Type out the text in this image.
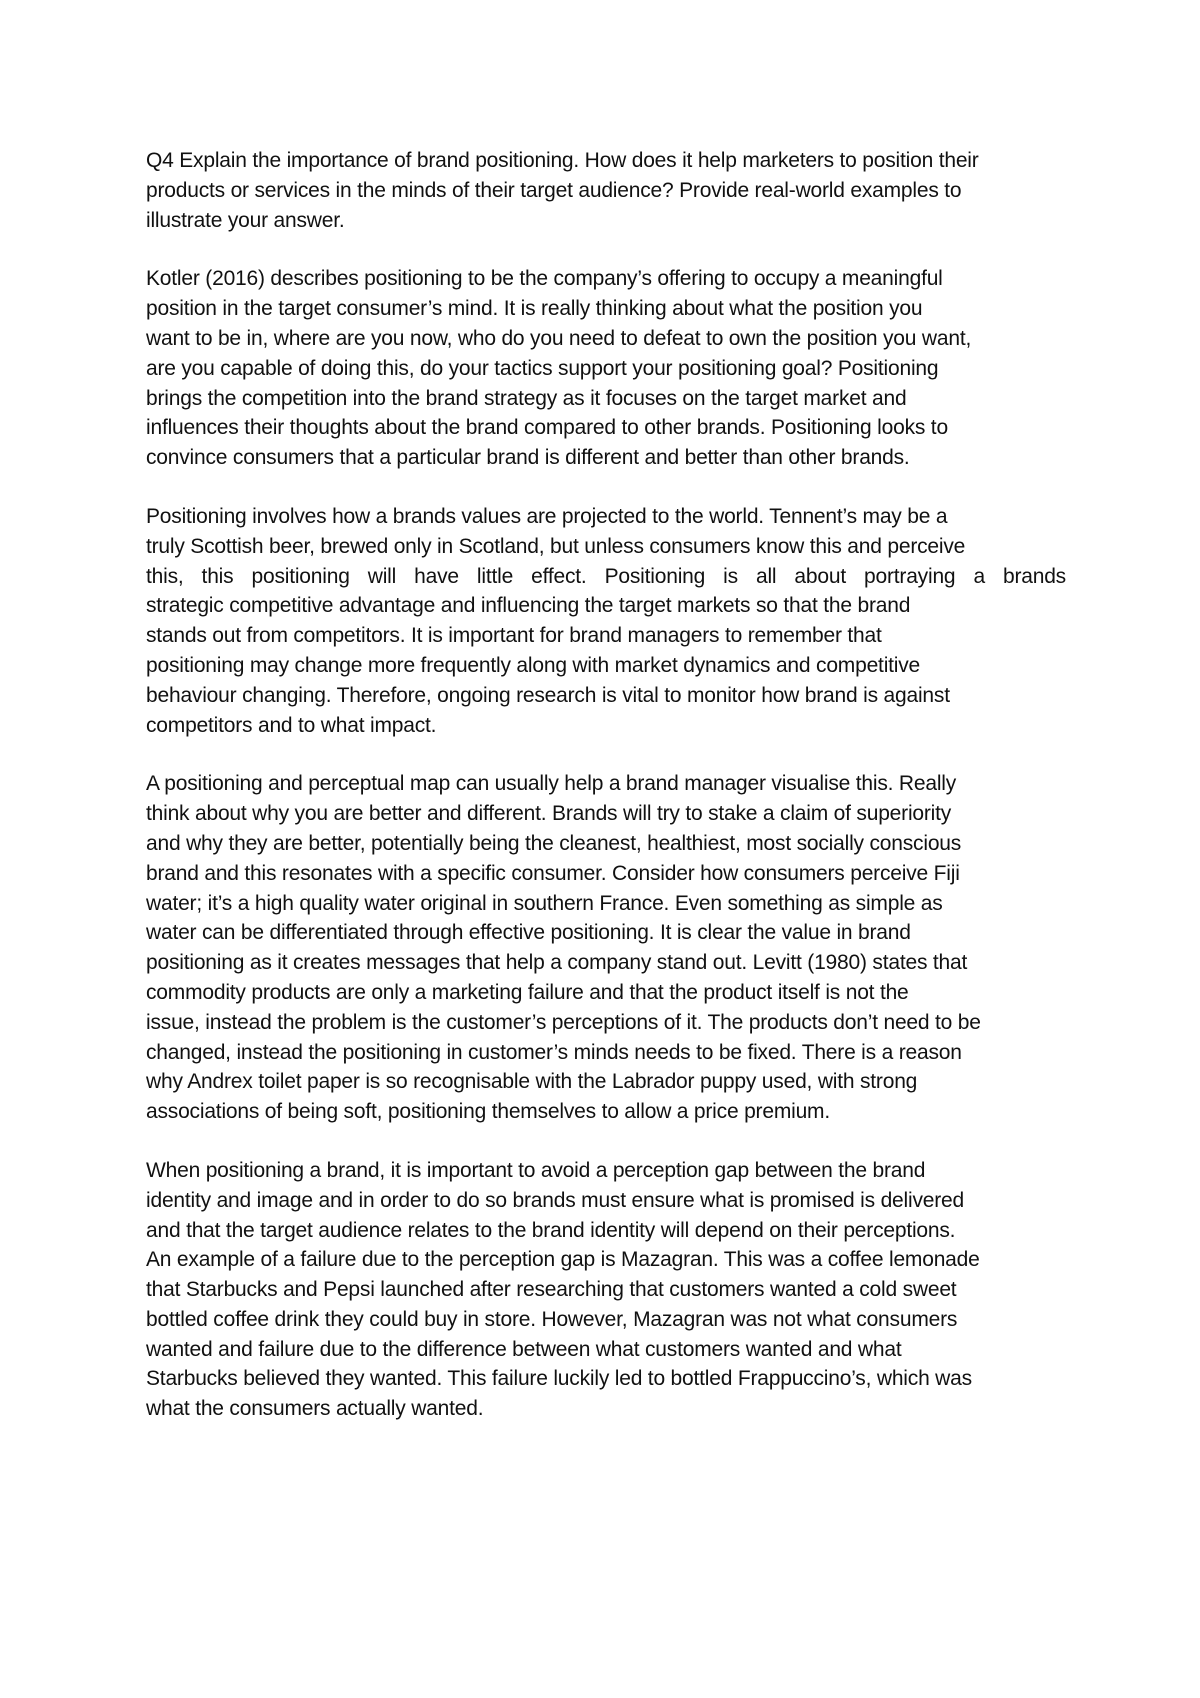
Q4 Explain the importance of brand positioning. How does it help marketers to position their
products or services in the minds of their target audience? Provide real-world examples to
illustrate your answer.
Kotler (2016) describes positioning to be the company’s offering to occupy a meaningful
position in the target consumer’s mind. It is really thinking about what the position you
want to be in, where are you now, who do you need to defeat to own the position you want,
are you capable of doing this, do your tactics support your positioning goal? Positioning
brings the competition into the brand strategy as it focuses on the target market and
influences their thoughts about the brand compared to other brands. Positioning looks to
convince consumers that a particular brand is different and better than other brands.
Positioning involves how a brands values are projected to the world. Tennent’s may be a
truly Scottish beer, brewed only in Scotland, but unless consumers know this and perceive
this, this positioning will have little effect. Positioning is all about portraying a brands
strategic competitive advantage and influencing the target markets so that the brand
stands out from competitors. It is important for brand managers to remember that
positioning may change more frequently along with market dynamics and competitive
behaviour changing. Therefore, ongoing research is vital to monitor how brand is against
competitors and to what impact.
A positioning and perceptual map can usually help a brand manager visualise this. Really
think about why you are better and different. Brands will try to stake a claim of superiority
and why they are better, potentially being the cleanest, healthiest, most socially conscious
brand and this resonates with a specific consumer. Consider how consumers perceive Fiji
water; it’s a high quality water original in southern France. Even something as simple as
water can be differentiated through effective positioning. It is clear the value in brand
positioning as it creates messages that help a company stand out. Levitt (1980) states that
commodity products are only a marketing failure and that the product itself is not the
issue, instead the problem is the customer’s perceptions of it. The products don’t need to be
changed, instead the positioning in customer’s minds needs to be fixed. There is a reason
why Andrex toilet paper is so recognisable with the Labrador puppy used, with strong
associations of being soft, positioning themselves to allow a price premium.
When positioning a brand, it is important to avoid a perception gap between the brand
identity and image and in order to do so brands must ensure what is promised is delivered
and that the target audience relates to the brand identity will depend on their perceptions.
An example of a failure due to the perception gap is Mazagran. This was a coffee lemonade
that Starbucks and Pepsi launched after researching that customers wanted a cold sweet
bottled coffee drink they could buy in store. However, Mazagran was not what consumers
wanted and failure due to the difference between what customers wanted and what
Starbucks believed they wanted. This failure luckily led to bottled Frappuccino’s, which was
what the consumers actually wanted.
